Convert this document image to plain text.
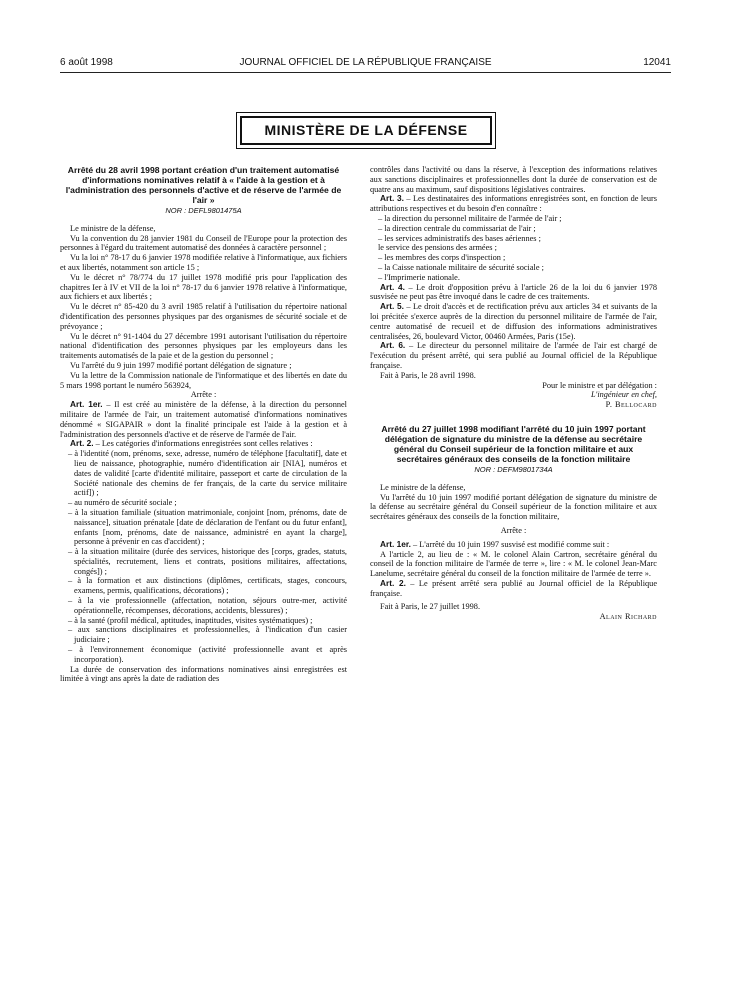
6 août 1998	JOURNAL OFFICIEL DE LA RÉPUBLIQUE FRANÇAISE	12041
MINISTÈRE DE LA DÉFENSE
Arrêté du 28 avril 1998 portant création d'un traitement automatisé d'informations nominatives relatif à « l'aide à la gestion et à l'administration des personnels d'active et de réserve de l'armée de l'air »
NOR : DEFL9801475A

Le ministre de la défense,

Vu la convention du 28 janvier 1981 du Conseil de l'Europe pour la protection des personnes à l'égard du traitement automatisé des données à caractère personnel ;

Vu la loi n° 78-17 du 6 janvier 1978 modifiée relative à l'informatique, aux fichiers et aux libertés, notamment son article 15 ;

Vu le décret n° 78/774 du 17 juillet 1978 modifié pris pour l'application des chapitres Ier à IV et VII de la loi n° 78-17 du 6 janvier 1978 relative à l'informatique, aux fichiers et aux libertés ;

Vu le décret n° 85-420 du 3 avril 1985 relatif à l'utilisation du répertoire national d'identification des personnes physiques par des organismes de sécurité sociale et de prévoyance ;

Vu le décret n° 91-1404 du 27 décembre 1991 autorisant l'utilisation du répertoire national d'identification des personnes physiques par les employeurs dans les traitements automatisés de la paie et de la gestion du personnel ;

Vu l'arrêté du 9 juin 1997 modifié portant délégation de signature ;

Vu la lettre de la Commission nationale de l'informatique et des libertés en date du 5 mars 1998 portant le numéro 563924,

Arrête :

Art. 1er. – Il est créé au ministère de la défense, à la direction du personnel militaire de l'armée de l'air, un traitement automatisé d'informations nominatives dénommé « SIGAPAIR » dont la finalité principale est l'aide à la gestion et à l'administration des personnels d'active et de réserve de l'armée de l'air.

Art. 2. – Les catégories d'informations enregistrées sont celles relatives :

– à l'identité (nom, prénoms, sexe, adresse, numéro de téléphone [facultatif], date et lieu de naissance, photographie, numéro d'identification air [NIA], numéros et dates de validité [carte d'identité militaire, passeport et carte de circulation de la Société nationale des chemins de fer français, de la carte du service militaire actif]) ;

– au numéro de sécurité sociale ;

– à la situation familiale (situation matrimoniale, conjoint [nom, prénoms, date de naissance], situation prénatale [date de déclaration de l'enfant ou du futur enfant], enfants [nom, prénoms, date de naissance, administré en ayant la charge], personne à prévenir en cas d'accident) ;

– à la situation militaire (durée des services, historique des [corps, grades, statuts, spécialités, recrutement, liens et contrats, positions militaires, affectations, congés]) ;

– à la formation et aux distinctions (diplômes, certificats, stages, concours, examens, permis, qualifications, décorations) ;

– à la vie professionnelle (affectation, notation, séjours outre-mer, activité opérationnelle, récompenses, décorations, accidents, blessures) ;

– à la santé (profil médical, aptitudes, inaptitudes, visites systématiques) ;

– aux sanctions disciplinaires et professionnelles, à l'indication d'un casier judiciaire ;

– à l'environnement économique (activité professionnelle avant et après incorporation).

La durée de conservation des informations nominatives ainsi enregistrées est limitée à vingt ans après la date de radiation des

contrôles dans l'activité ou dans la réserve, à l'exception des informations relatives aux sanctions disciplinaires et professionnelles dont la durée de conservation est de quatre ans au maximum, sauf dispositions législatives contraires.

Art. 3. – Les destinataires des informations enregistrées sont, en fonction de leurs attributions respectives et du besoin d'en connaître :

– la direction du personnel militaire de l'armée de l'air ;

– la direction centrale du commissariat de l'air ;

– les services administratifs des bases aériennes ;

le service des pensions des armées ;

– les membres des corps d'inspection ;

– la Caisse nationale militaire de sécurité sociale ;

– l'Imprimerie nationale.

Art. 4. – Le droit d'opposition prévu à l'article 26 de la loi du 6 janvier 1978 susvisée ne peut pas être invoqué dans le cadre de ces traitements.

Art. 5. – Le droit d'accès et de rectification prévu aux articles 34 et suivants de la loi précitée s'exerce auprès de la direction du personnel militaire de l'armée de l'air, centre automatisé de recueil et de diffusion des informations administratives centralisées, 26, boulevard Victor, 00460 Armées, Paris (15e).

Art. 6. – Le directeur du personnel militaire de l'armée de l'air est chargé de l'exécution du présent arrêté, qui sera publié au Journal officiel de la République française.

Fait à Paris, le 28 avril 1998.

Pour le ministre et par délégation :

L'ingénieur en chef,

P. Bellocard

Arrêté du 27 juillet 1998 modifiant l'arrêté du 10 juin 1997 portant délégation de signature du ministre de la défense au secrétaire général du Conseil supérieur de la fonction militaire et aux secrétaires généraux des conseils de la fonction militaire
NOR : DEFM9801734A

Le ministre de la défense,

Vu l'arrêté du 10 juin 1997 modifié portant délégation de signature du ministre de la défense au secrétaire général du Conseil supérieur de la fonction militaire et aux secrétaires généraux des conseils de la fonction militaire,

Arrête :

Art. 1er. – L'arrêté du 10 juin 1997 susvisé est modifié comme suit :

A l'article 2, au lieu de : « M. le colonel Alain Cartron, secrétaire général du conseil de la fonction militaire de l'armée de terre », lire : « M. le colonel Jean-Marc Lanelume, secrétaire général du conseil de la fonction militaire de l'armée de terre ».

Art. 2. – Le présent arrêté sera publié au Journal officiel de la République française.

Fait à Paris, le 27 juillet 1998.

Alain Richard
